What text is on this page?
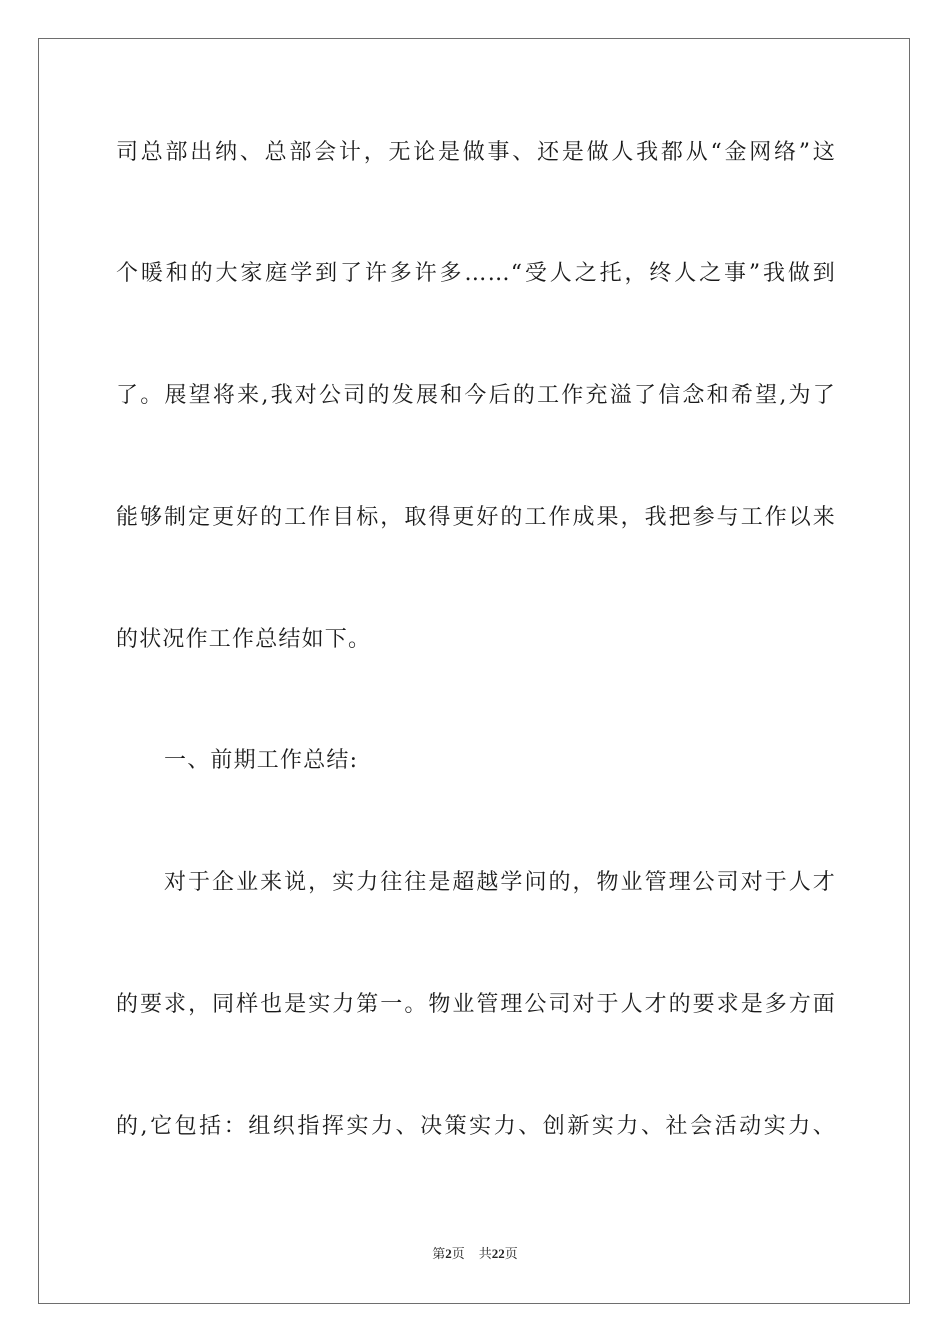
司总部出纳、总部会计，无论是做事、还是做人我都从“金网络”这
个暖和的大家庭学到了许多许多……“受人之托，终人之事”我做到
了。展望将来,我对公司的发展和今后的工作充溢了信念和希望,为了
能够制定更好的工作目标，取得更好的工作成果，我把参与工作以来
的状况作工作总结如下。
一、前期工作总结:
对于企业来说，实力往往是超越学问的，物业管理公司对于人才
的要求，同样也是实力第一。物业管理公司对于人才的要求是多方面
的,它包括：组织指挥实力、决策实力、创新实力、社会活动实力、
第2页 共22页
